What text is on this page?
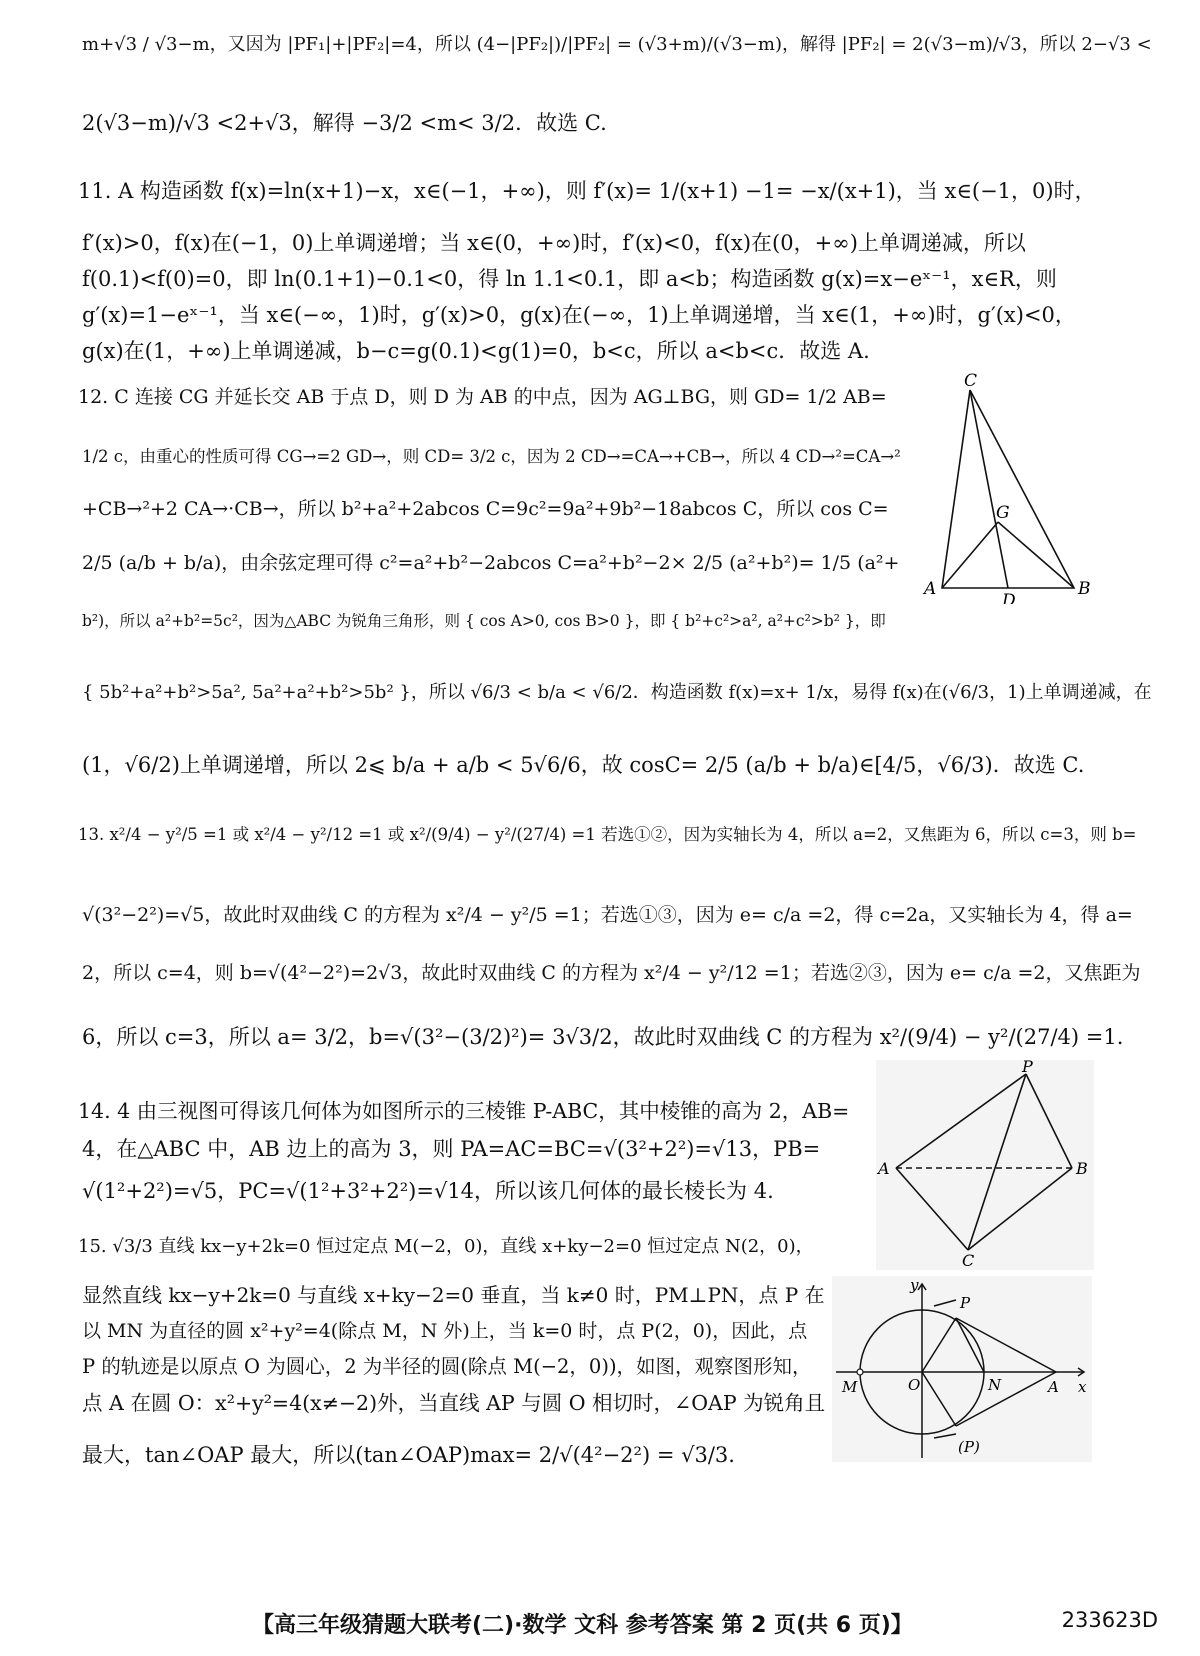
m+√3 / √3−m，又因为 |PF₁|+|PF₂|=4，所以 (4−|PF₂|)/|PF₂| = (√3+m)/(√3−m)，解得 |PF₂| = 2(√3−m)/√3，所以 2−√3 <
2(√3−m)/√3 <2+√3，解得 −3/2 <m< 3/2．故选 C.
11. A 构造函数 f(x)=ln(x+1)−x，x∈(−1，+∞)，则 f′(x)= 1/(x+1) −1= −x/(x+1)，当 x∈(−1，0)时，
f′(x)>0，f(x)在(−1，0)上单调递增；当 x∈(0，+∞)时，f′(x)<0，f(x)在(0，+∞)上单调递减，所以
f(0.1)<f(0)=0，即 ln(0.1+1)−0.1<0，得 ln 1.1<0.1，即 a<b；构造函数 g(x)=x−eˣ⁻¹，x∈R，则
g′(x)=1−eˣ⁻¹，当 x∈(−∞，1)时，g′(x)>0，g(x)在(−∞，1)上单调递增，当 x∈(1，+∞)时，g′(x)<0，
g(x)在(1，+∞)上单调递减，b−c=g(0.1)<g(1)=0，b<c，所以 a<b<c．故选 A.
12. C 连接 CG 并延长交 AB 于点 D，则 D 为 AB 的中点，因为 AG⊥BG，则 GD= 1/2 AB=
1/2 c，由重心的性质可得 CG→=2 GD→，则 CD= 3/2 c，因为 2 CD→=CA→+CB→，所以 4 CD→²=CA→²
+CB→²+2 CA→·CB→，所以 b²+a²+2abcos C=9c²=9a²+9b²−18abcos C，所以 cos C=
2/5 (a/b + b/a)，由余弦定理可得 c²=a²+b²−2abcos C=a²+b²−2× 2/5 (a²+b²)= 1/5 (a²+
b²)，所以 a²+b²=5c²，因为△ABC 为锐角三角形，则 { cos A>0, cos B>0 }，即 { b²+c²>a², a²+c²>b² }，即
{ 5b²+a²+b²>5a², 5a²+a²+b²>5b² }，所以 √6/3 < b/a < √6/2．构造函数 f(x)=x+ 1/x，易得 f(x)在(√6/3，1)上单调递减，在
(1，√6/2)上单调递增，所以 2⩽ b/a + a/b < 5√6/6，故 cosC= 2/5 (a/b + b/a)∈[4/5，√6/3)．故选 C.
13. x²/4 − y²/5 =1 或 x²/4 − y²/12 =1 或 x²/(9/4) − y²/(27/4) =1 若选①②，因为实轴长为 4，所以 a=2，又焦距为 6，所以 c=3，则 b=
√(3²−2²)=√5，故此时双曲线 C 的方程为 x²/4 − y²/5 =1；若选①③，因为 e= c/a =2，得 c=2a，又实轴长为 4，得 a=
2，所以 c=4，则 b=√(4²−2²)=2√3，故此时双曲线 C 的方程为 x²/4 − y²/12 =1；若选②③，因为 e= c/a =2，又焦距为
6，所以 c=3，所以 a= 3/2，b=√(3²−(3/2)²)= 3√3/2，故此时双曲线 C 的方程为 x²/(9/4) − y²/(27/4) =1.
14. 4 由三视图可得该几何体为如图所示的三棱锥 P-ABC，其中棱锥的高为 2，AB=
4，在△ABC 中，AB 边上的高为 3，则 PA=AC=BC=√(3²+2²)=√13，PB=
√(1²+2²)=√5，PC=√(1²+3²+2²)=√14，所以该几何体的最长棱长为 4.
15. √3/3 直线 kx−y+2k=0 恒过定点 M(−2，0)，直线 x+ky−2=0 恒过定点 N(2，0)，
显然直线 kx−y+2k=0 与直线 x+ky−2=0 垂直，当 k≠0 时，PM⊥PN，点 P 在
以 MN 为直径的圆 x²+y²=4(除点 M，N 外)上，当 k=0 时，点 P(2，0)，因此，点
P 的轨迹是以原点 O 为圆心，2 为半径的圆(除点 M(−2，0))，如图，观察图形知，
点 A 在圆 O：x²+y²=4(x≠−2)外，当直线 AP 与圆 O 相切时，∠OAP 为锐角且
最大，tan∠OAP 最大，所以(tan∠OAP)max= 2/√(4²−2²) = √3/3.
C
G
A
D
B
P
A	B
C
y
P
M	O	N	A x
(P)
【高三年级猜题大联考(二)·数学 文科 参考答案 第 2 页(共 6 页)】	233623D
